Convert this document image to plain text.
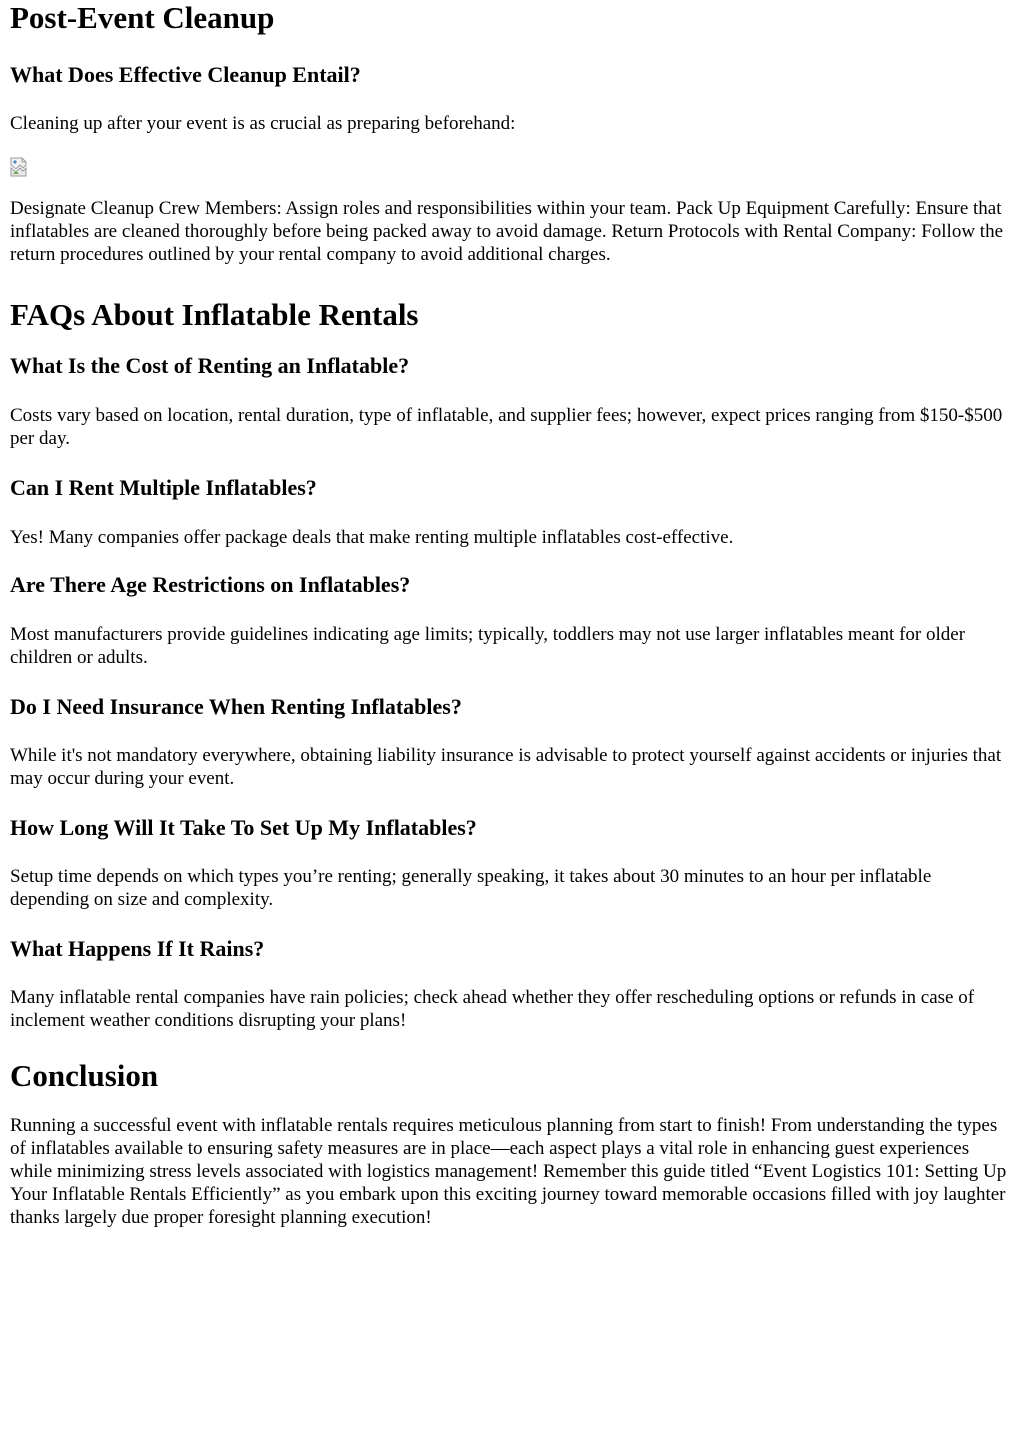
Post-Event Cleanup
What Does Effective Cleanup Entail?

Cleaning up after your event is as crucial as preparing beforehand:

Designate Cleanup Crew Members: Assign roles and responsibilities within your team. Pack Up Equipment Carefully: Ensure that inflatables are cleaned thoroughly before being packed away to avoid damage. Return Protocols with Rental Company: Follow the return procedures outlined by your rental company to avoid additional charges.

FAQs About Inflatable Rentals
What Is the Cost of Renting an Inflatable?

Costs vary based on location, rental duration, type of inflatable, and supplier fees; however, expect prices ranging from $150-$500 per day.

Can I Rent Multiple Inflatables?

Yes! Many companies offer package deals that make renting multiple inflatables cost-effective.

Are There Age Restrictions on Inflatables?

Most manufacturers provide guidelines indicating age limits; typically, toddlers may not use larger inflatables meant for older children or adults.

Do I Need Insurance When Renting Inflatables?

While it's not mandatory everywhere, obtaining liability insurance is advisable to protect yourself against accidents or injuries that may occur during your event.

How Long Will It Take To Set Up My Inflatables?

Setup time depends on which types you’re renting; generally speaking, it takes about 30 minutes to an hour per inflatable depending on size and complexity.

What Happens If It Rains?

Many inflatable rental companies have rain policies; check ahead whether they offer rescheduling options or refunds in case of inclement weather conditions disrupting your plans!

Conclusion

Running a successful event with inflatable rentals requires meticulous planning from start to finish! From understanding the types of inflatables available to ensuring safety measures are in place—each aspect plays a vital role in enhancing guest experiences while minimizing stress levels associated with logistics management! Remember this guide titled “Event Logistics 101: Setting Up Your Inflatable Rentals Efficiently” as you embark upon this exciting journey toward memorable occasions filled with joy laughter thanks largely due proper foresight planning execution!
